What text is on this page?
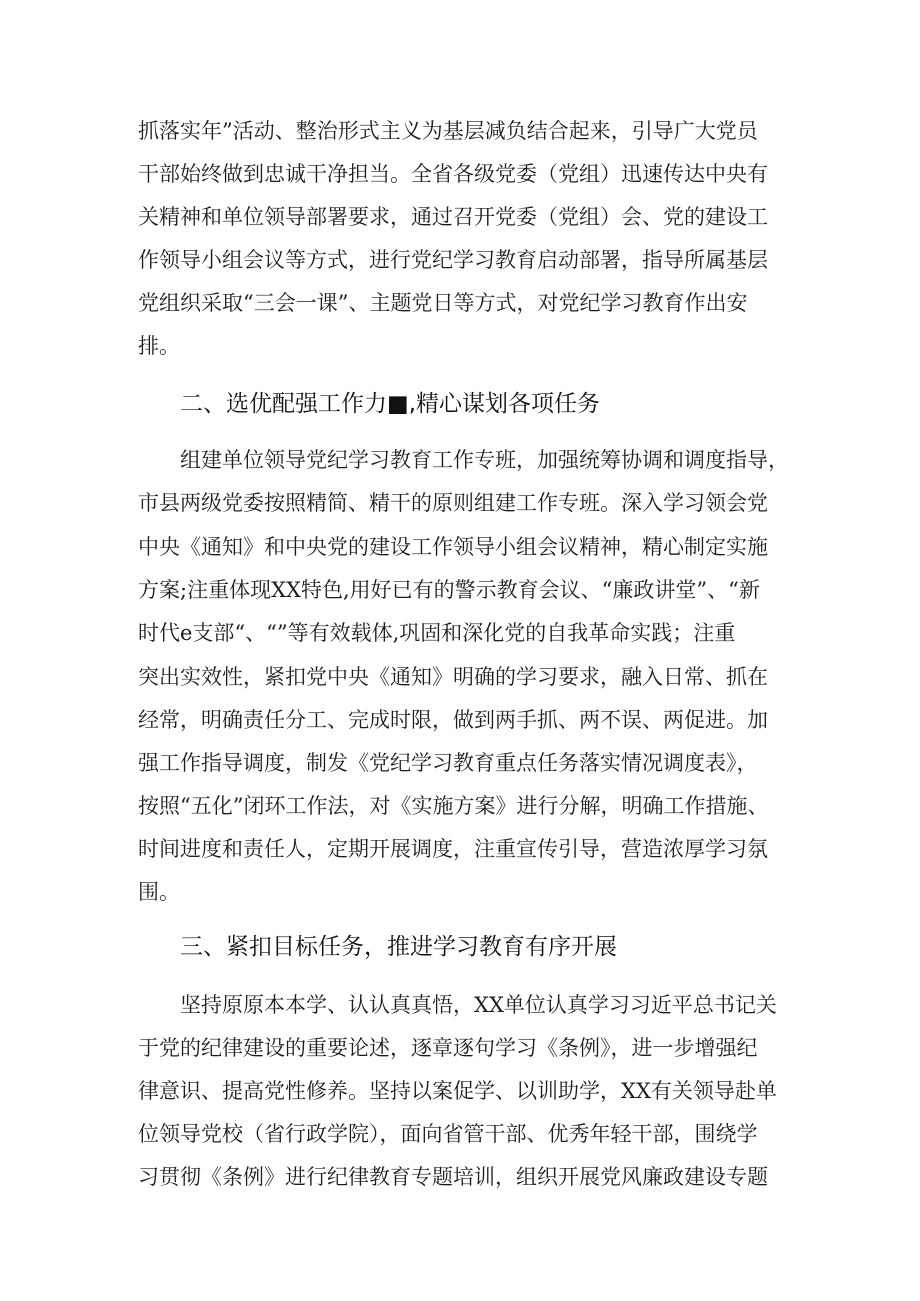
抓落实年”活动、整治形式主义为基层减负结合起来，引导广大党员
干部始终做到忠诚干净担当。全省各级党委（党组）迅速传达中央有
关精神和单位领导部署要求，通过召开党委（党组）会、党的建设工
作领导小组会议等方式，进行党纪学习教育启动部署，指导所属基层
党组织采取“三会一课”、主题党日等方式，对党纪学习教育作出安
排。
二、选优配强工作力■,精心谋划各项任务
组建单位领导党纪学习教育工作专班，加强统筹协调和调度指导，
市县两级党委按照精简、精干的原则组建工作专班。深入学习领会党
中央《通知》和中央党的建设工作领导小组会议精神，精心制定实施
方案;注重体现XX特色,用好已有的警示教育会议、“廉政讲堂”、“新
时代e支部“、“”等有效载体,巩固和深化党的自我革命实践；注重
突出实效性，紧扣党中央《通知》明确的学习要求，融入日常、抓在
经常，明确责任分工、完成时限，做到两手抓、两不误、两促进。加
强工作指导调度，制发《党纪学习教育重点任务落实情况调度表》，
按照“五化”闭环工作法，对《实施方案》进行分解，明确工作措施、
时间进度和责任人，定期开展调度，注重宣传引导，营造浓厚学习氛
围。
三、紧扣目标任务，推进学习教育有序开展
坚持原原本本学、认认真真悟，XX单位认真学习习近平总书记关
于党的纪律建设的重要论述，逐章逐句学习《条例》，进一步增强纪
律意识、提高党性修养。坚持以案促学、以训助学，XX有关领导赴单
位领导党校（省行政学院），面向省管干部、优秀年轻干部，围绕学
习贯彻《条例》进行纪律教育专题培训，组织开展党风廉政建设专题
